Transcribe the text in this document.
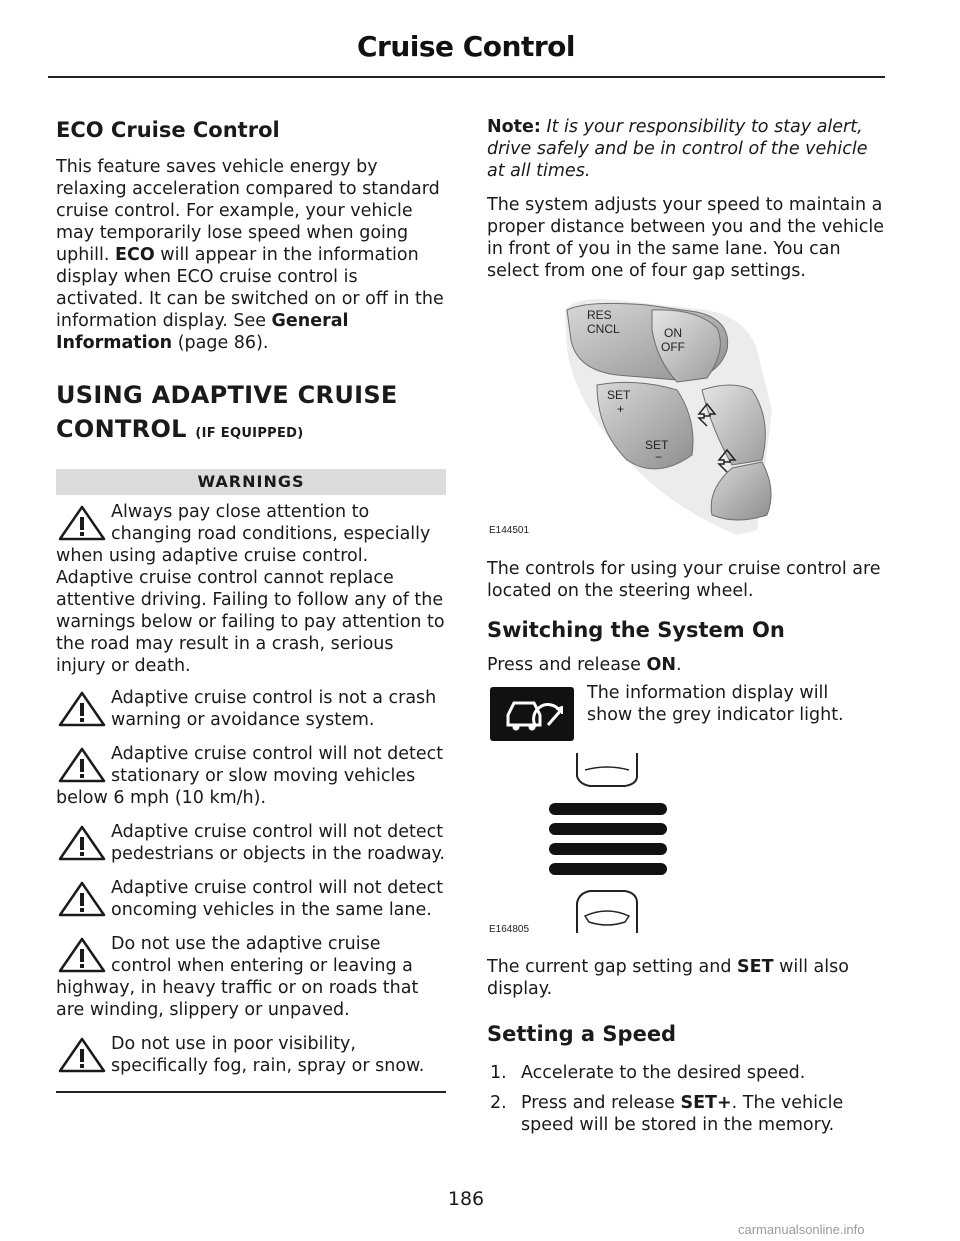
Cruise Control
ECO Cruise Control

This feature saves vehicle energy by relaxing acceleration compared to standard cruise control. For example, your vehicle may temporarily lose speed when going uphill. ECO will appear in the information display when ECO cruise control is activated. It can be switched on or off in the information display. See General Information (page 86).

USING ADAPTIVE CRUISE CONTROL (IF EQUIPPED)
WARNINGS

Always pay close attention to changing road conditions, especially when using adaptive cruise control. Adaptive cruise control cannot replace attentive driving. Failing to follow any of the warnings below or failing to pay attention to the road may result in a crash, serious injury or death.

Adaptive cruise control is not a crash warning or avoidance system.

Adaptive cruise control will not detect stationary or slow moving vehicles below 6 mph (10 km/h).

Adaptive cruise control will not detect pedestrians or objects in the roadway.

Adaptive cruise control will not detect oncoming vehicles in the same lane.

Do not use the adaptive cruise control when entering or leaving a highway, in heavy traffic or on roads that are winding, slippery or unpaved.

Do not use in poor visibility, specifically fog, rain, spray or snow.

Note: It is your responsibility to stay alert, drive safely and be in control of the vehicle at all times.

The system adjusts your speed to maintain a proper distance between you and the vehicle in front of you in the same lane. You can select from one of four gap settings.

RES
CNCL	ON
OFF
SET
+
SET
−
E144501

The controls for using your cruise control are located on the steering wheel.

Switching the System On

Press and release ON.

The information display will show the grey indicator light.

E164805

The current gap setting and SET will also display.

Setting a Speed
1. Accelerate to the desired speed.

2. Press and release SET+. The vehicle speed will be stored in the memory.

186
carmanualsonline.info
